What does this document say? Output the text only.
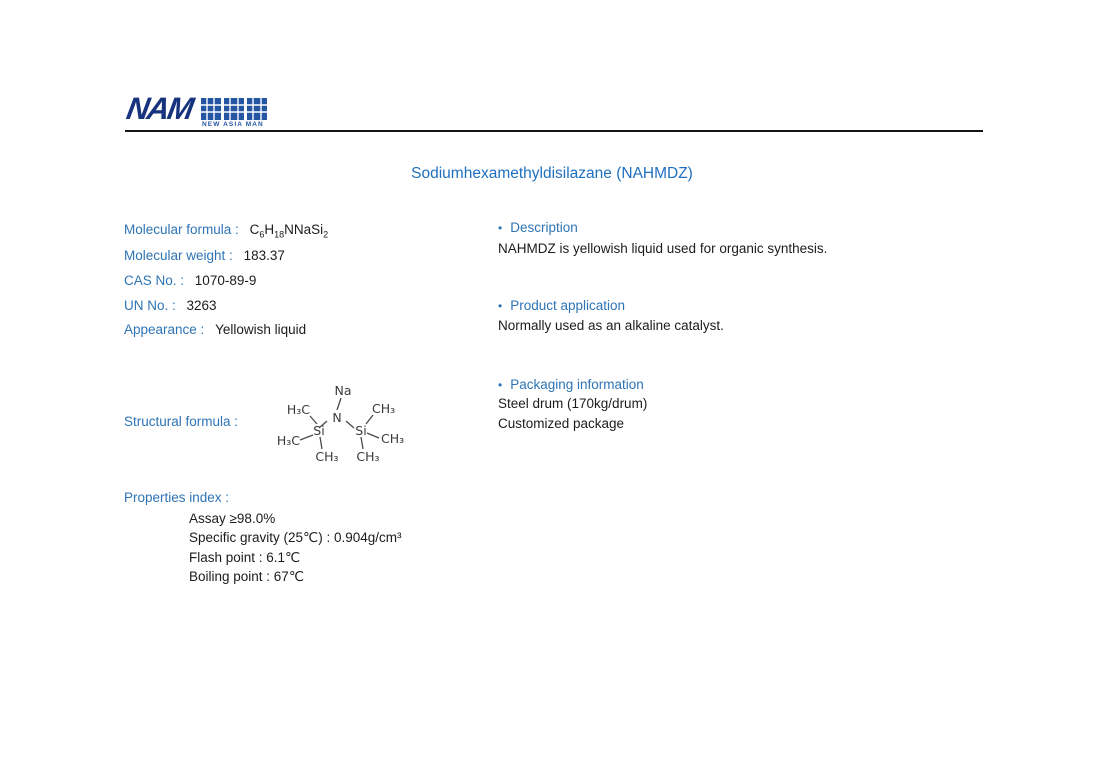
NAM NEW ASIA MAN
Sodiumhexamethyldisilazane (NAHMDZ)
Molecular formula : $C_6H_{18}NNaSi_2$
Molecular weight : 183.37
CAS No. : 1070-89-9
UN No. : 3263
Appearance : Yellowish liquid
Structural formula :
Na
N
Si Si
H₃C
H₃C
CH₃
CH₃
CH₃
CH₃
Properties index :
Assay ≥98.0%
Specific gravity (25℃) : 0.904g/cm³
Flash point : 6.1℃
Boiling point : 67℃
• Description
NAHMDZ is yellowish liquid used for organic synthesis.
• Product application
Normally used as an alkaline catalyst.
• Packaging information
Steel drum (170kg/drum)
Customized package
